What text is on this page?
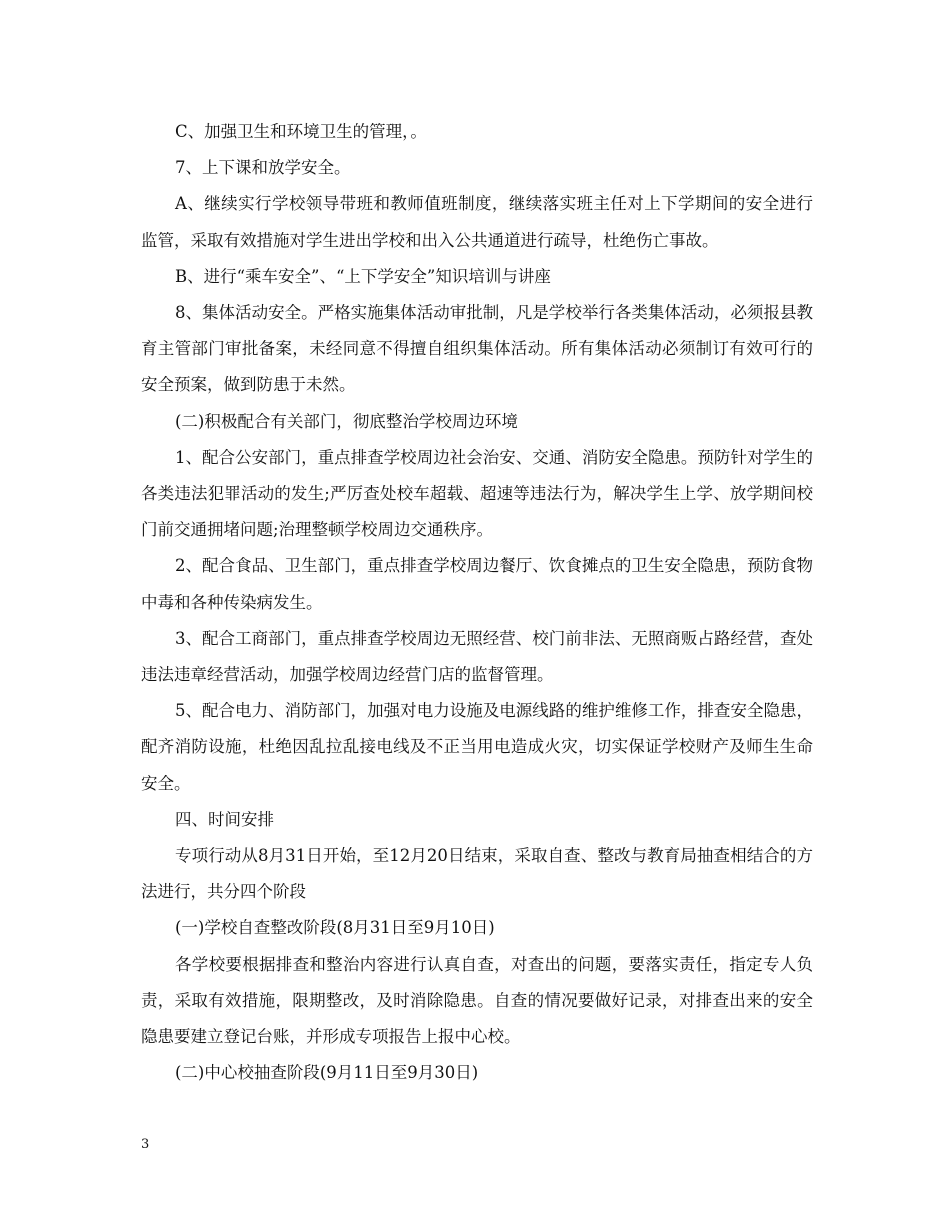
C、加强卫生和环境卫生的管理，。

7、上下课和放学安全。

A、继续实行学校领导带班和教师值班制度，继续落实班主任对上下学期间的安全进行监管，采取有效措施对学生进出学校和出入公共通道进行疏导，杜绝伤亡事故。

B、进行“乘车安全”、“上下学安全”知识培训与讲座

8、集体活动安全。严格实施集体活动审批制，凡是学校举行各类集体活动，必须报县教育主管部门审批备案，未经同意不得擅自组织集体活动。所有集体活动必须制订有效可行的安全预案，做到防患于未然。

(二)积极配合有关部门，彻底整治学校周边环境

1、配合公安部门，重点排查学校周边社会治安、交通、消防安全隐患。预防针对学生的各类违法犯罪活动的发生;严厉查处校车超载、超速等违法行为，解决学生上学、放学期间校门前交通拥堵问题;治理整顿学校周边交通秩序。

2、配合食品、卫生部门，重点排查学校周边餐厅、饮食摊点的卫生安全隐患，预防食物中毒和各种传染病发生。

3、配合工商部门，重点排查学校周边无照经营、校门前非法、无照商贩占路经营，查处违法违章经营活动，加强学校周边经营门店的监督管理。

5、配合电力、消防部门，加强对电力设施及电源线路的维护维修工作，排查安全隐患，配齐消防设施，杜绝因乱拉乱接电线及不正当用电造成火灾，切实保证学校财产及师生生命安全。

四、时间安排

专项行动从8月31日开始，至12月20日结束，采取自查、整改与教育局抽查相结合的方法进行，共分四个阶段

(一)学校自查整改阶段(8月31日至9月10日)

各学校要根据排查和整治内容进行认真自查，对查出的问题，要落实责任，指定专人负责，采取有效措施，限期整改，及时消除隐患。自查的情况要做好记录，对排查出来的安全隐患要建立登记台账，并形成专项报告上报中心校。

(二)中心校抽查阶段(9月11日至9月30日)

3
